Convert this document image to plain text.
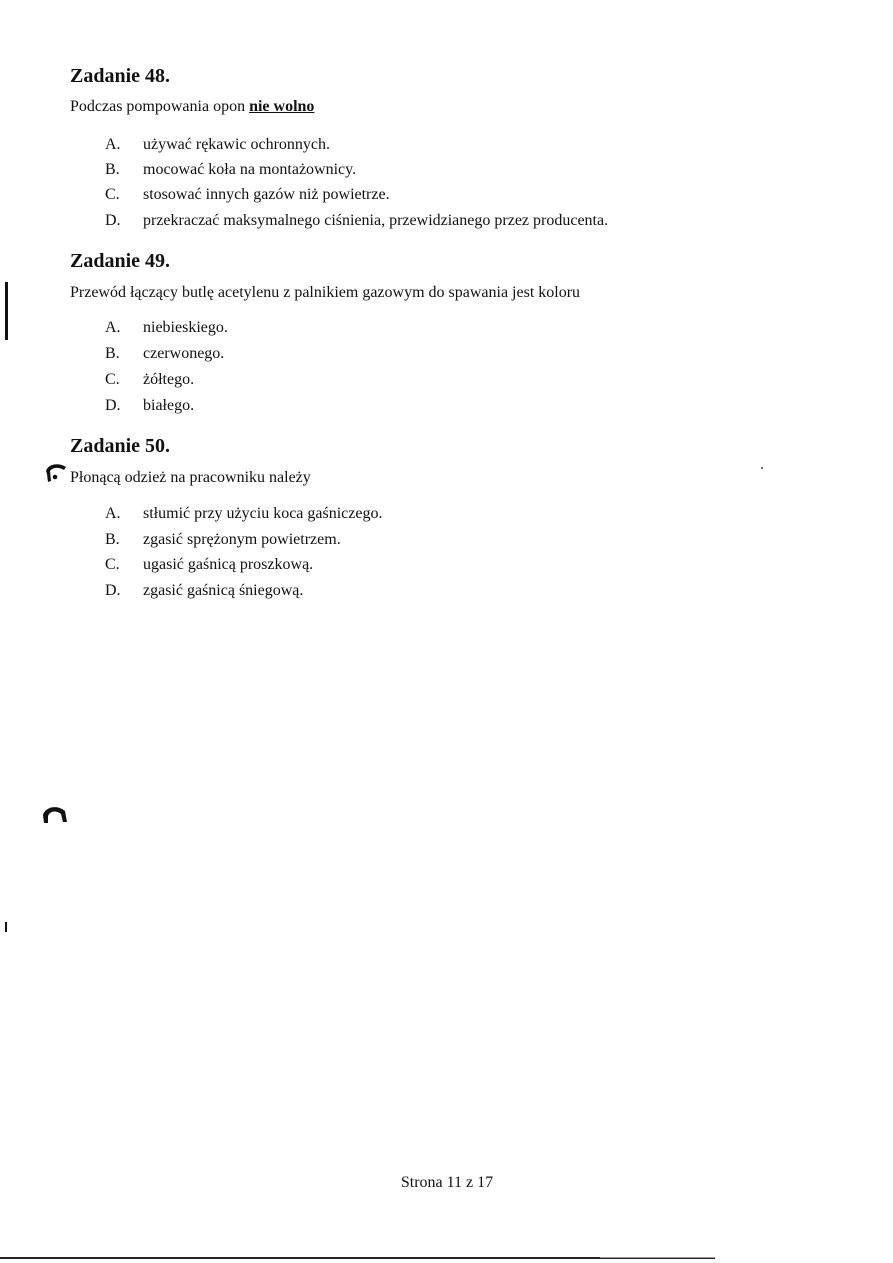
Zadanie 48.

Podczas pompowania opon nie wolno

A. używać rękawic ochronnych.

B. mocować koła na montażownicy.

C. stosować innych gazów niż powietrze.

D. przekraczać maksymalnego ciśnienia, przewidzianego przez producenta.

Zadanie 49.

Przewód łączący butlę acetylenu z palnikiem gazowym do spawania jest koloru

A. niebieskiego.

B. czerwonego.

C. żółtego.

D. białego.

Zadanie 50.

Płonącą odzież na pracowniku należy

A. stłumić przy użyciu koca gaśniczego.

B. zgasić sprężonym powietrzem.

C. ugasić gaśnicą proszkową.

D. zgasić gaśnicą śniegową.

Strona 11 z 17
